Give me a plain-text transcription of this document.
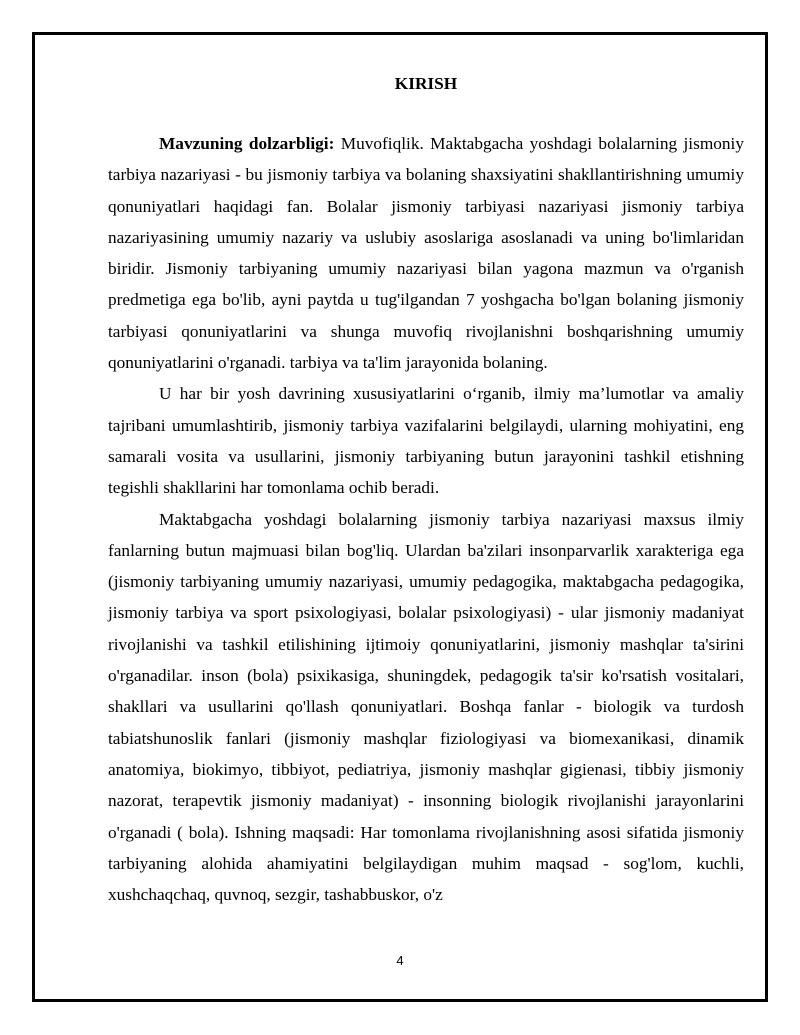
KIRISH

Mavzuning dolzarbligi: Muvofiqlik. Maktabgacha yoshdagi bolalarning jismoniy tarbiya nazariyasi - bu jismoniy tarbiya va bolaning shaxsiyatini shakllantirishning umumiy qonuniyatlari haqidagi fan. Bolalar jismoniy tarbiyasi nazariyasi jismoniy tarbiya nazariyasining umumiy nazariy va uslubiy asoslariga asoslanadi va uning bo'limlaridan biridir. Jismoniy tarbiyaning umumiy nazariyasi bilan yagona mazmun va o'rganish predmetiga ega bo'lib, ayni paytda u tug'ilgandan 7 yoshgacha bo'lgan bolaning jismoniy tarbiyasi qonuniyatlarini va shunga muvofiq rivojlanishni boshqarishning umumiy qonuniyatlarini o'rganadi. tarbiya va ta'lim jarayonida bolaning.

U har bir yosh davrining xususiyatlarini o‘rganib, ilmiy ma’lumotlar va amaliy tajribani umumlashtirib, jismoniy tarbiya vazifalarini belgilaydi, ularning mohiyatini, eng samarali vosita va usullarini, jismoniy tarbiyaning butun jarayonini tashkil etishning tegishli shakllarini har tomonlama ochib beradi.

Maktabgacha yoshdagi bolalarning jismoniy tarbiya nazariyasi maxsus ilmiy fanlarning butun majmuasi bilan bog'liq. Ulardan ba'zilari insonparvarlik xarakteriga ega (jismoniy tarbiyaning umumiy nazariyasi, umumiy pedagogika, maktabgacha pedagogika, jismoniy tarbiya va sport psixologiyasi, bolalar psixologiyasi) - ular jismoniy madaniyat rivojlanishi va tashkil etilishining ijtimoiy qonuniyatlarini, jismoniy mashqlar ta'sirini o'rganadilar. inson (bola) psixikasiga, shuningdek, pedagogik ta'sir ko'rsatish vositalari, shakllari va usullarini qo'llash qonuniyatlari. Boshqa fanlar - biologik va turdosh tabiatshunoslik fanlari (jismoniy mashqlar fiziologiyasi va biomexanikasi, dinamik anatomiya, biokimyo, tibbiyot, pediatriya, jismoniy mashqlar gigienasi, tibbiy jismoniy nazorat, terapevtik jismoniy madaniyat) - insonning biologik rivojlanishi jarayonlarini o'rganadi ( bola). Ishning maqsadi: Har tomonlama rivojlanishning asosi sifatida jismoniy tarbiyaning alohida ahamiyatini belgilaydigan muhim maqsad - sog'lom, kuchli, xushchaqchaq, quvnoq, sezgir, tashabbuskor, o'z

4
